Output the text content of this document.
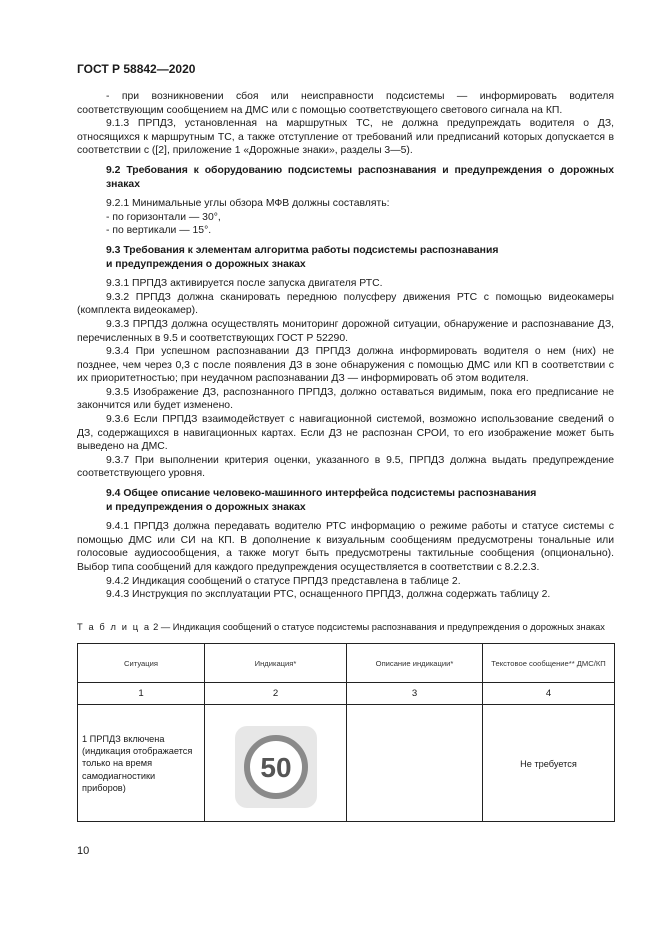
ГОСТ Р 58842—2020

- при возникновении сбоя или неисправности подсистемы — информировать водителя соответствующим сообщением на ДМС или с помощью соответствующего светового сигнала на КП.

9.1.3 ПРПДЗ, установленная на маршрутных ТС, не должна предупреждать водителя о ДЗ, относящихся к маршрутным ТС, а также отступление от требований или предписаний которых допускается в соответствии с ([2], приложение 1 «Дорожные знаки», разделы 3—5).

9.2 Требования к оборудованию подсистемы распознавания и предупреждения о дорожных знаках

9.2.1 Минимальные углы обзора МФВ должны составлять:

- по горизонтали — 30°,

- по вертикали — 15°.

9.3 Требования к элементам алгоритма работы подсистемы распознавания

и предупреждения о дорожных знаках

9.3.1 ПРПДЗ активируется после запуска двигателя РТС.

9.3.2 ПРПДЗ должна сканировать переднюю полусферу движения РТС с помощью видеокамеры (комплекта видеокамер).

9.3.3 ПРПДЗ должна осуществлять мониторинг дорожной ситуации, обнаружение и распознавание ДЗ, перечисленных в 9.5 и соответствующих ГОСТ Р 52290.

9.3.4 При успешном распознавании ДЗ ПРПДЗ должна информировать водителя о нем (них) не позднее, чем через 0,3 с после появления ДЗ в зоне обнаружения с помощью ДМС или КП в соответствии с их приоритетностью; при неудачном распознавании ДЗ — информировать об этом водителя.

9.3.5 Изображение ДЗ, распознанного ПРПДЗ, должно оставаться видимым, пока его предписание не закончится или будет изменено.

9.3.6 Если ПРПДЗ взаимодействует с навигационной системой, возможно использование сведений о ДЗ, содержащихся в навигационных картах. Если ДЗ не распознан СРОИ, то его изображение может быть выведено на ДМС.

9.3.7 При выполнении критерия оценки, указанного в 9.5, ПРПДЗ должна выдать предупреждение соответствующего уровня.

9.4 Общее описание человеко-машинного интерфейса подсистемы распознавания

и предупреждения о дорожных знаках

9.4.1 ПРПДЗ должна передавать водителю РТС информацию о режиме работы и статусе системы с помощью ДМС или СИ на КП. В дополнение к визуальным сообщениям предусмотрены тональные или голосовые аудиосообщения, а также могут быть предусмотрены тактильные сообщения (опционально). Выбор типа сообщений для каждого предупреждения осуществляется в соответствии с 8.2.2.3.

9.4.2 Индикация сообщений о статусе ПРПДЗ представлена в таблице 2.

9.4.3 Инструкция по эксплуатации РТС, оснащенного ПРПДЗ, должна содержать таблицу 2.

Т а б л и ц а 2 — Индикация сообщений о статусе подсистемы распознавания и предупреждения о дорожных знаках
Ситуация	Индикация*	Описание индикации*	Текстовое сообщение** ДМС/КП
1	2	3	4
1 ПРПДЗ включена (индикация отображается только на время самодиагностики приборов)	50		Не требуется
10
